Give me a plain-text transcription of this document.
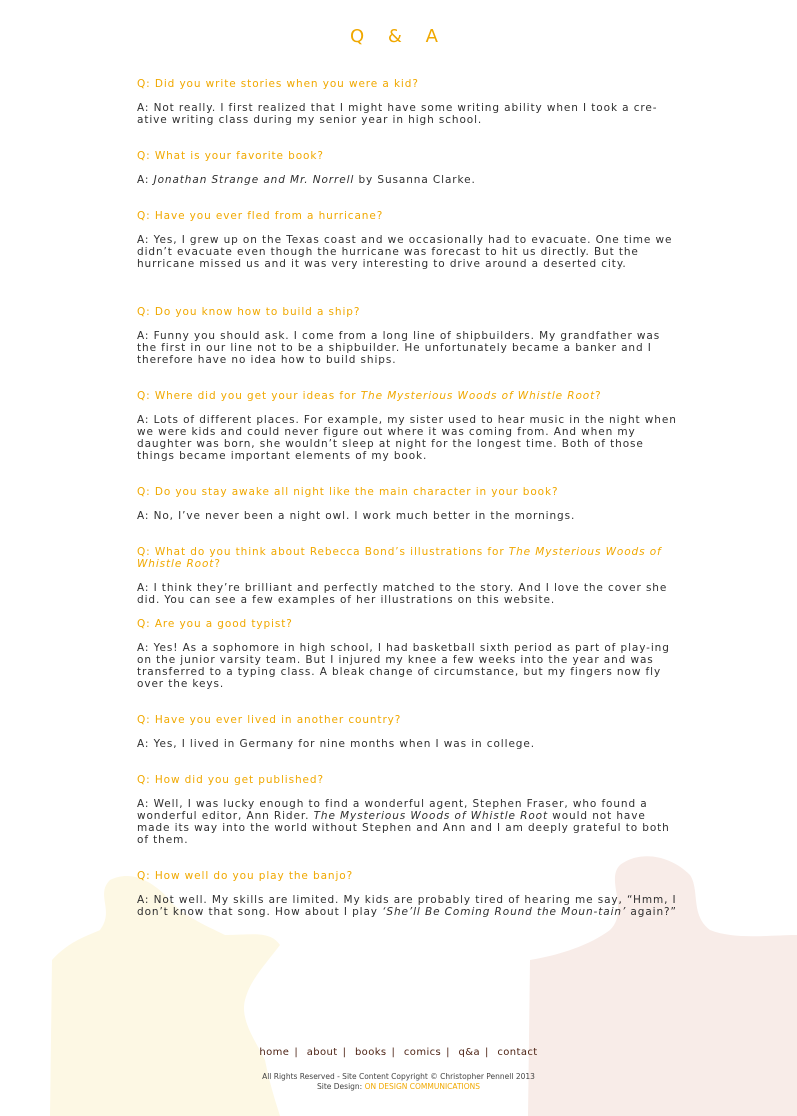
Q & A

Q: Did you write stories when you were a kid?

A: Not really. I first realized that I might have some writing ability when I took a cre-ative writing class during my senior year in high school.

Q: What is your favorite book?

A: Jonathan Strange and Mr. Norrell by Susanna Clarke.

Q: Have you ever fled from a hurricane?

A: Yes, I grew up on the Texas coast and we occasionally had to evacuate. One time we didn’t evacuate even though the hurricane was forecast to hit us directly. But the hurricane missed us and it was very interesting to drive around a deserted city.

Q: Do you know how to build a ship?

A: Funny you should ask. I come from a long line of shipbuilders. My grandfather was the first in our line not to be a shipbuilder. He unfortunately became a banker and I therefore have no idea how to build ships.

Q: Where did you get your ideas for The Mysterious Woods of Whistle Root?

A: Lots of different places. For example, my sister used to hear music in the night when we were kids and could never figure out where it was coming from. And when my daughter was born, she wouldn’t sleep at night for the longest time. Both of those things became important elements of my book.

Q: Do you stay awake all night like the main character in your book?

A: No, I’ve never been a night owl. I work much better in the mornings.

Q: What do you think about Rebecca Bond’s illustrations for The Mysterious Woods of Whistle Root?

A: I think they’re brilliant and perfectly matched to the story. And I love the cover she did. You can see a few examples of her illustrations on this website.

Q: Are you a good typist?

A: Yes! As a sophomore in high school, I had basketball sixth period as part of play-ing on the junior varsity team. But I injured my knee a few weeks into the year and was transferred to a typing class. A bleak change of circumstance, but my fingers now fly over the keys.

Q: Have you ever lived in another country?

A: Yes, I lived in Germany for nine months when I was in college.

Q: How did you get published?

A: Well, I was lucky enough to find a wonderful agent, Stephen Fraser, who found a wonderful editor, Ann Rider. The Mysterious Woods of Whistle Root would not have made its way into the world without Stephen and Ann and I am deeply grateful to both of them.

Q: How well do you play the banjo?

A: Not well. My skills are limited. My kids are probably tired of hearing me say, “Hmm, I don’t know that song. How about I play ‘She’ll Be Coming Round the Moun-tain’ again?”

home | about | books | comics | q&a | contact
All Rights Reserved - Site Content Copyright © Christopher Pennell 2013
Site Design: ON DESIGN COMMUNICATIONS
